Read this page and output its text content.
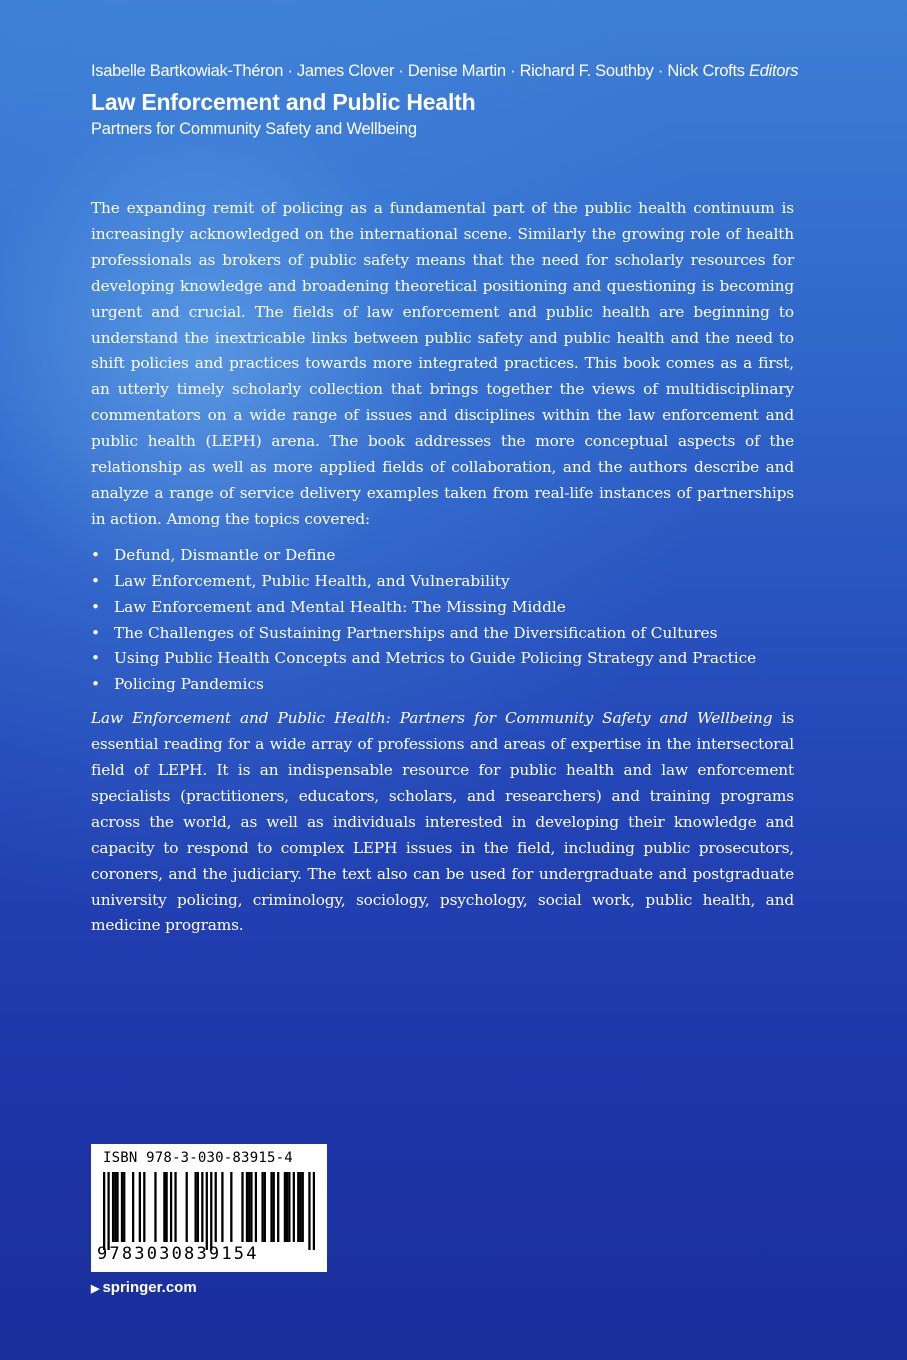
Isabelle Bartkowiak-Théron · James Clover · Denise Martin · Richard F. Southby · Nick Crofts Editors
Law Enforcement and Public Health
Partners for Community Safety and Wellbeing

The expanding remit of policing as a fundamental part of the public health continuum is increasingly acknowledged on the international scene. Similarly the growing role of health professionals as brokers of public safety means that the need for scholarly resources for developing knowledge and broadening theoretical positioning and questioning is becoming urgent and crucial. The fields of law enforcement and public health are beginning to understand the inextricable links between public safety and public health and the need to shift policies and practices towards more integrated practices. This book comes as a first, an utterly timely scholarly collection that brings together the views of multidisciplinary commentators on a wide range of issues and disciplines within the law enforcement and public health (LEPH) arena. The book addresses the more conceptual aspects of the relationship as well as more applied fields of collaboration, and the authors describe and analyze a range of service delivery examples taken from real-life instances of partnerships in action. Among the topics covered:

• Defund, Dismantle or Define
• Law Enforcement, Public Health, and Vulnerability
• Law Enforcement and Mental Health: The Missing Middle
• The Challenges of Sustaining Partnerships and the Diversification of Cultures
• Using Public Health Concepts and Metrics to Guide Policing Strategy and Practice
• Policing Pandemics

Law Enforcement and Public Health: Partners for Community Safety and Wellbeing is essential reading for a wide array of professions and areas of expertise in the intersectoral field of LEPH. It is an indispensable resource for public health and law enforcement specialists (practitioners, educators, scholars, and researchers) and training programs across the world, as well as individuals interested in developing their knowledge and capacity to respond to complex LEPH issues in the field, including public prosecutors, coroners, and the judiciary. The text also can be used for undergraduate and postgraduate university policing, criminology, sociology, psychology, social work, public health, and medicine programs.

ISBN 978-3-030-83915-4
9783030839154
▶ springer.com
